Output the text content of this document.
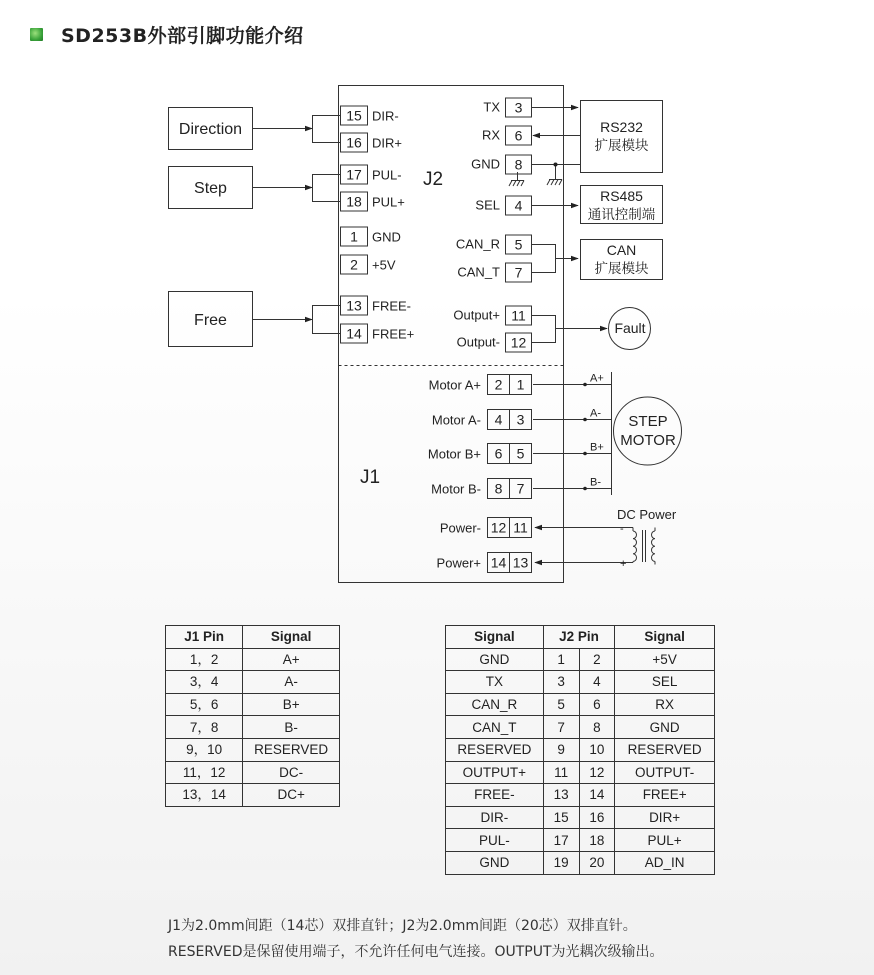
SD253B外部引脚功能介绍
15 DIR-
16 DIR+
17 PUL-
18 PUL+
1 GND
2 +5V
13 FREE-
14 FREE+
3
TX
6
RX
8
GND
4
SEL
5
CAN_R
7
CAN_T
11
Output+
12
Output-
2 1
Motor A+	A+
4 3
Motor A-	A-
6 5
Motor B+	B+
8 7
Motor B-	B-
12 11
Power-
14 13
Power+
Direction
Step
Free
J2
J1
RS232
扩展模块
RS485
通讯控制端
CAN
扩展模块
Fault
STEP
MOTOR
DC Power
-
+
J1 Pin	Signal
1，2	A+
3，4	A-
5，6	B+
7，8	B-
9，10	RESERVED
11，12	DC-
13，14	DC+
Signal	J2 Pin		Signal
GND	1	2	+5V
TX	3	4	SEL
CAN_R	5	6	RX
CAN_T	7	8	GND
RESERVED	9	10	RESERVED
OUTPUT+	11	12	OUTPUT-
FREE-	13	14	FREE+
DIR-	15	16	DIR+
PUL-	17	18	PUL+
GND	19	20	AD_IN
J1为2.0mm间距（14芯）双排直针；J2为2.0mm间距（20芯）双排直针。
RESERVED是保留使用端子，不允许任何电气连接。OUTPUT为光耦次级输出。
